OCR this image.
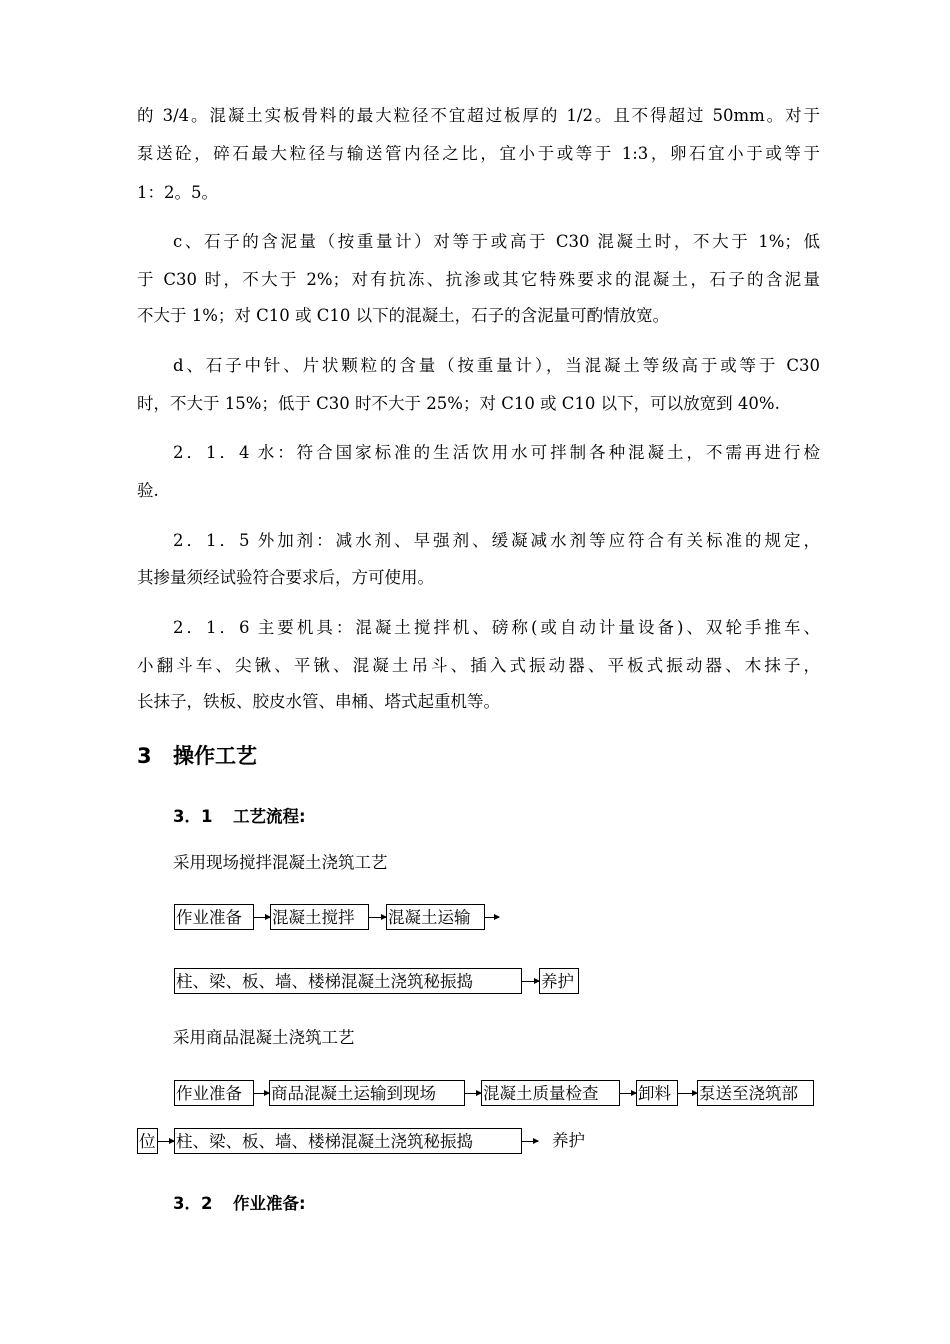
的 3/4。混凝土实板骨料的最大粒径不宜超过板厚的 1/2。且不得超过 50mm。对于
泵送砼，碎石最大粒径与输送管内径之比，宜小于或等于 1:3，卵石宜小于或等于
1：2。5。
c、石子的含泥量（按重量计）对等于或高于 C30 混凝土时，不大于 1%；低
于 C30 时，不大于 2%；对有抗冻、抗渗或其它特殊要求的混凝土，石子的含泥量
不大于 1%；对 C10 或 C10 以下的混凝土，石子的含泥量可酌情放宽。
d、石子中针、片状颗粒的含量（按重量计），当混凝土等级高于或等于 C30
时，不大于 15%；低于 C30 时不大于 25%；对 C10 或 C10 以下，可以放宽到 40%.
2．1．4 水：符合国家标准的生活饮用水可拌制各种混凝土，不需再进行检
验.
2．1．5 外加剂：减水剂、早强剂、缓凝减水剂等应符合有关标准的规定，
其掺量须经试验符合要求后，方可使用。
2．1．6 主要机具：混凝土搅拌机、磅称(或自动计量设备)、双轮手推车、
小翻斗车、尖锹、平锹、混凝土吊斗、插入式振动器、平板式振动器、木抹子，
长抹子，铁板、胶皮水管、串桶、塔式起重机等。
3 操作工艺
3．1 工艺流程:
采用现场搅拌混凝土浇筑工艺
作业准备	混凝土搅拌	混凝土运输
柱、梁、板、墙、楼梯混凝土浇筑秘振捣	养护
采用商品混凝土浇筑工艺
作业准备	商品混凝土运输到现场	混凝土质量检查	卸料	泵送至浇筑部
位 柱、梁、板、墙、楼梯混凝土浇筑秘振捣	养护
3．2 作业准备:
